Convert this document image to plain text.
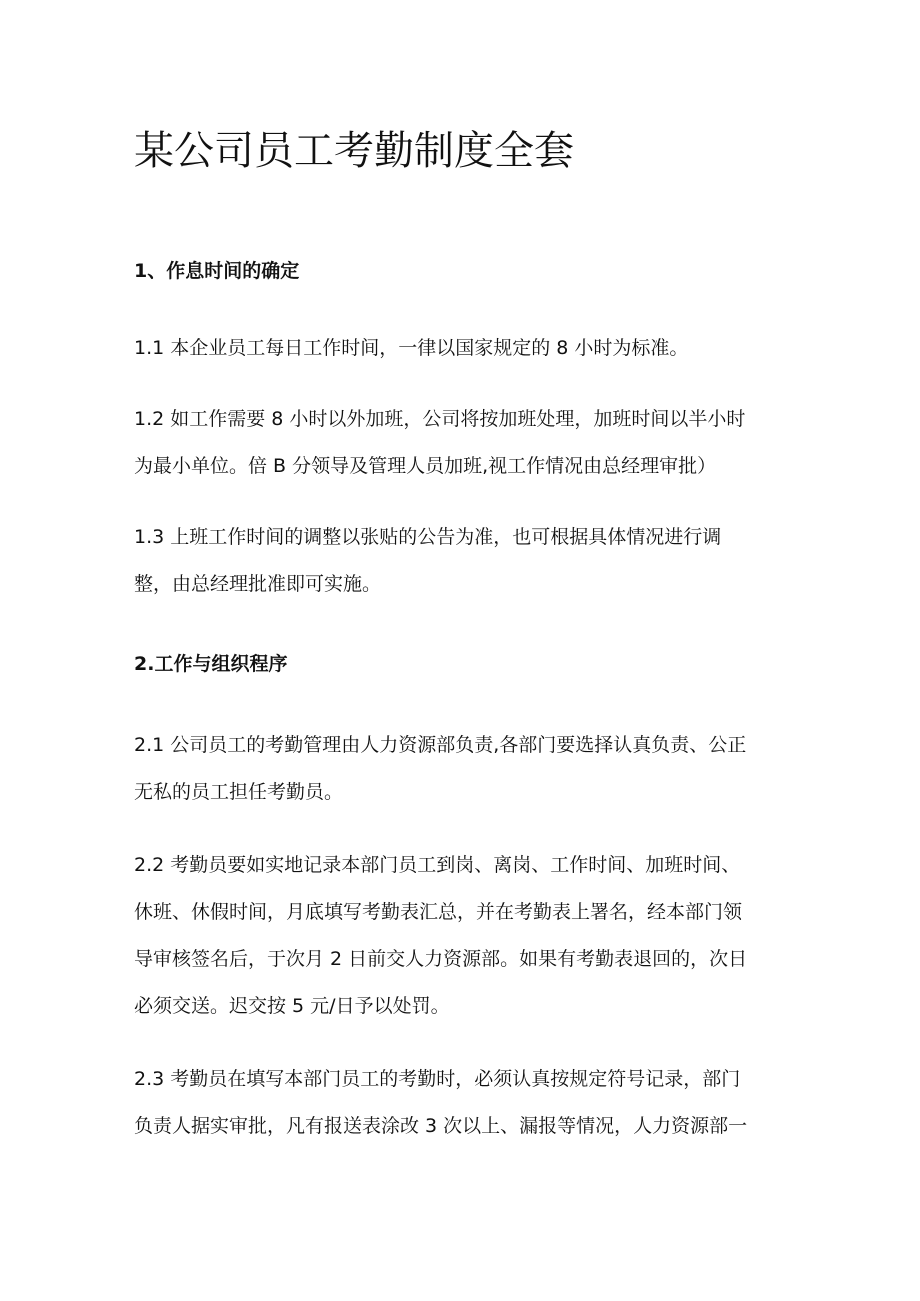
某公司员工考勤制度全套
1、作息时间的确定

1.1 本企业员工每日工作时间，一律以国家规定的 8 小时为标准。

1.2 如工作需要 8 小时以外加班，公司将按加班处理，加班时间以半小时
为最小单位。倍 B 分领导及管理人员加班,视工作情况由总经理审批）

1.3 上班工作时间的调整以张贴的公告为准，也可根据具体情况进行调
整，由总经理批准即可实施。

2.工作与组织程序

2.1 公司员工的考勤管理由人力资源部负责,各部门要选择认真负责、公正
无私的员工担任考勤员。

2.2 考勤员要如实地记录本部门员工到岗、离岗、工作时间、加班时间、
休班、休假时间，月底填写考勤表汇总，并在考勤表上署名，经本部门领
导审核签名后，于次月 2 日前交人力资源部。如果有考勤表退回的，次日
必须交送。迟交按 5 元/日予以处罚。

2.3 考勤员在填写本部门员工的考勤时，必须认真按规定符号记录，部门
负责人据实审批，凡有报送表涂改 3 次以上、漏报等情况，人力资源部一
